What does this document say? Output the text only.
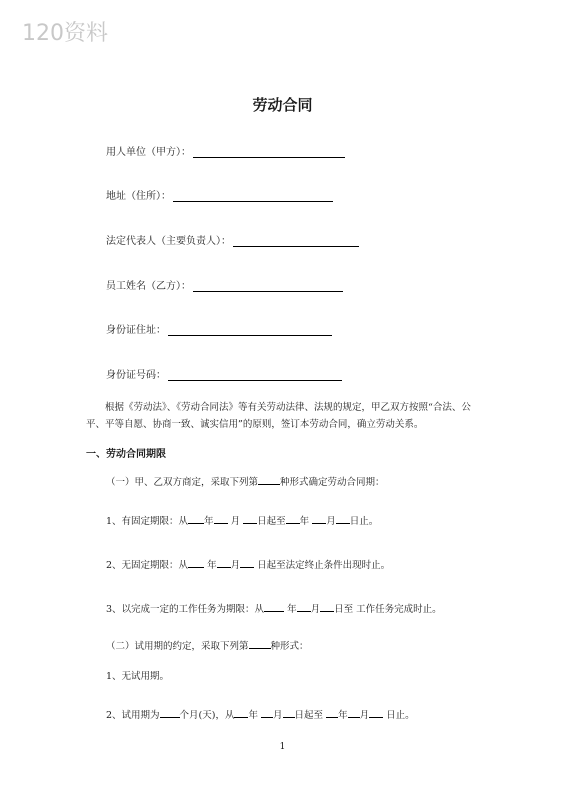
120资料
劳动合同
用人单位（甲方）：
地址（住所）：
法定代表人（主要负责人）：
员工姓名（乙方）：
身份证住址：
身份证号码：
根据《劳动法》、《劳动合同法》等有关劳动法律、法规的规定，甲乙双方按照“合法、公平、平等自愿、协商一致、诚实信用”的原则，签订本劳动合同，确立劳动关系。
一、劳动合同期限
（一）甲、乙双方商定，采取下列第 种形式确定劳动合同期：
1、有固定期限：从 年 月 日起至 年 月 日止。
2、无固定期限：从 年 月 日起至法定终止条件出现时止。
3、以完成一定的工作任务为期限：从 年 月 日至 工作任务完成时止。
（二）试用期的约定，采取下列第 种形式：
1、无试用期。
2、试用期为 个月(天)，从 年 月 日起至 年 月 日止。
1
